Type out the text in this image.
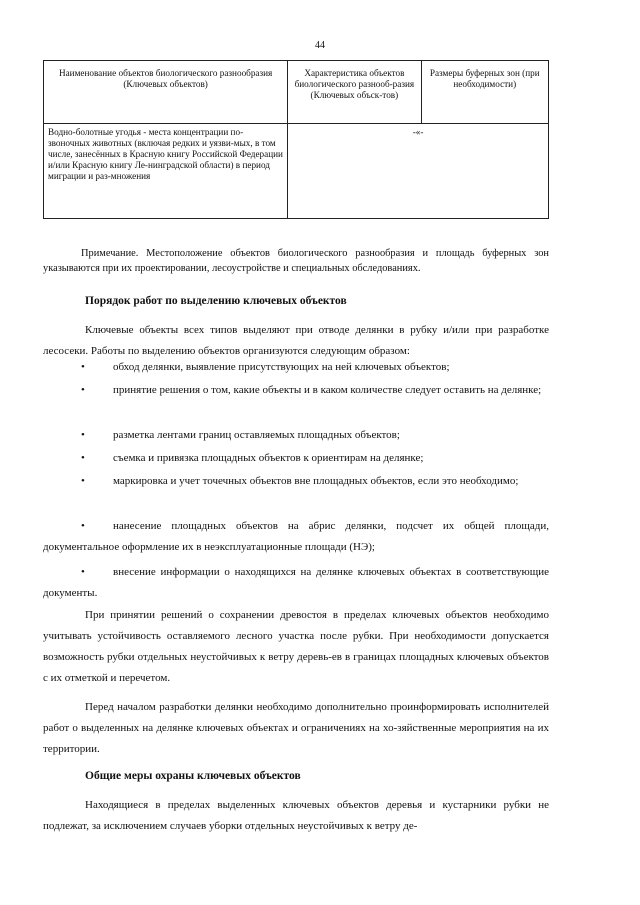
44
Наименование объектов биологического разнообразия (Ключевых объектов)	Характеристика объектов биологического разнооб-разия (Ключевых объск-тов)	Размеры буферных зон (при необходимости)
Водно-болотные угодья - места концентрации по-звоночных животных (включая редких и уязви-мых, в том числе, занесённых в Красную книгу Российской Федерации и/или Красную книгу Ле-нинградской области) в период миграции и раз-множения	-«-	

Примечание. Местоположение объектов биологического разнообразия и площадь буферных зон указываются при их проектировании, лесоустройстве и специальных обследованиях.

Порядок работ по выделению ключевых объектов

Ключевые объекты всех типов выделяют при отводе делянки в рубку и/или при разработке лесосеки. Работы по выделению объектов организуются следующим образом:

•	обход делянки, выявление присутствующих на ней ключевых объектов;

•	принятие решения о том, какие объекты и в каком количестве следует оставить на делянке;

•	разметка лентами границ оставляемых площадных объектов;

•	съемка и привязка площадных объектов к ориентирам на делянке;

•	маркировка и учет точечных объектов вне площадных объектов, если это необходимо;

•	нанесение площадных объектов на абрис делянки, подсчет их общей площади, документальное оформление их в неэксплуатационные площади (НЭ);

•	внесение информации о находящихся на делянке ключевых объектах в соответствующие документы.

При принятии решений о сохранении древостоя в пределах ключевых объектов необходимо учитывать устойчивость оставляемого лесного участка после рубки. При необходимости допускается возможность рубки отдельных неустойчивых к ветру деревь-ев в границах площадных ключевых объектов с их отметкой и перечетом.

Перед началом разработки делянки необходимо дополнительно проинформировать исполнителей работ о выделенных на делянке ключевых объектах и ограничениях на хо-зяйственные мероприятия на их территории.

Общие меры охраны ключевых объектов

Находящиеся в пределах выделенных ключевых объектов деревья и кустарники рубки не подлежат, за исключением случаев уборки отдельных неустойчивых к ветру де-
